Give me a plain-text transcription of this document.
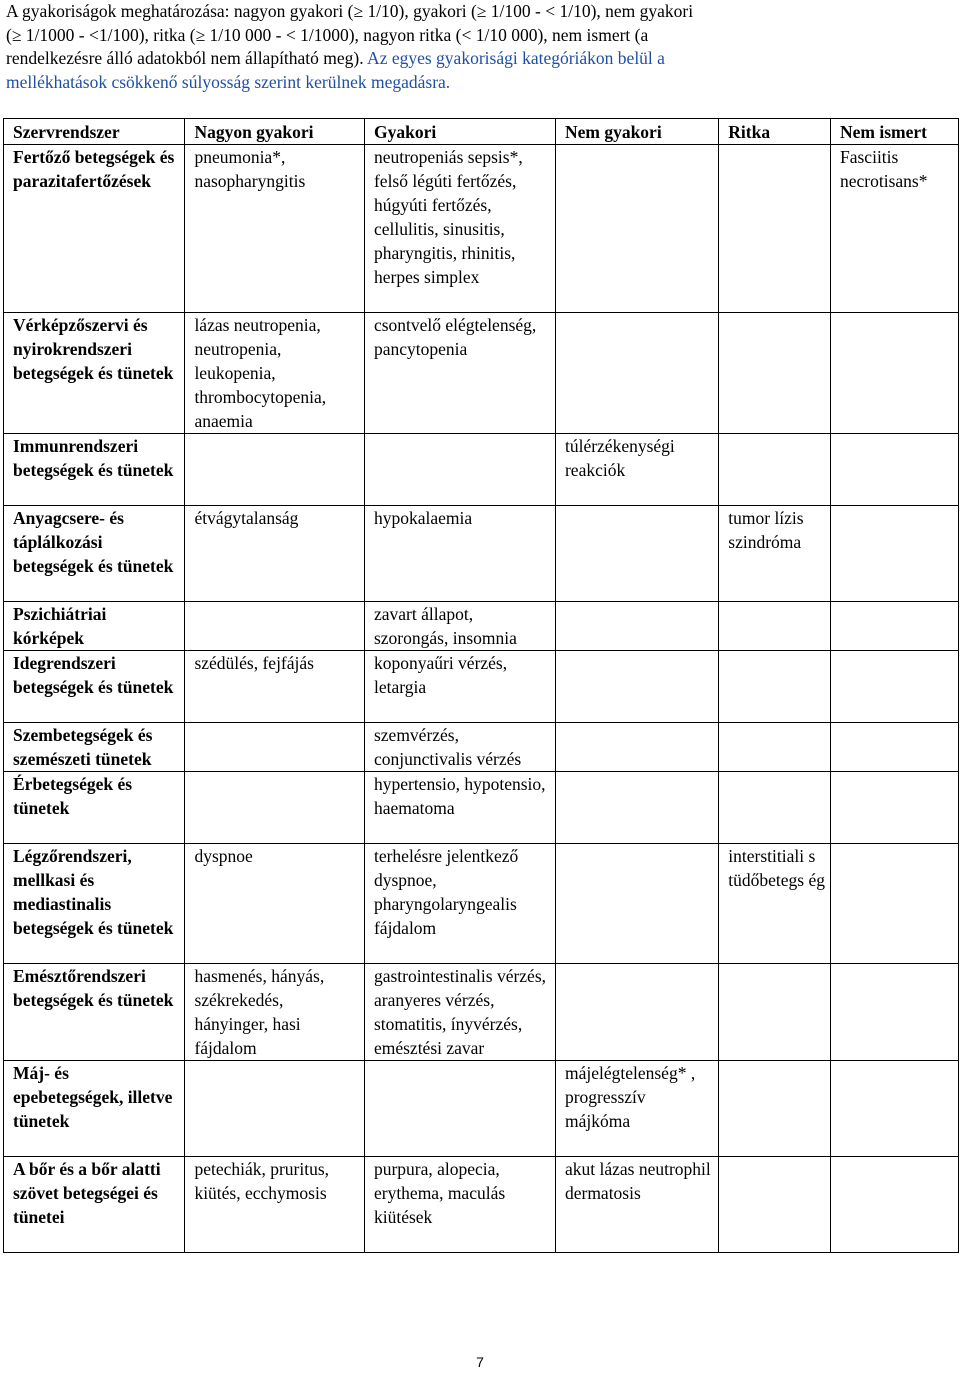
A gyakoriságok meghatározása: nagyon gyakori (≥ 1/10), gyakori (≥ 1/100 - < 1/10), nem gyakori
(≥ 1/1000 - <1/100), ritka (≥ 1/10 000 - < 1/1000), nagyon ritka (< 1/10 000), nem ismert (a
rendelkezésre álló adatokból nem állapítható meg). Az egyes gyakorisági kategóriákon belül a
mellékhatások csökkenő súlyosság szerint kerülnek megadásra.

Szervrendszer	Nagyon gyakori	Gyakori	Nem gyakori	Ritka	Nem ismert
Fertőző betegségek és parazitafertőzések	pneumonia*, nasopharyngitis	neutropeniás sepsis*, felső légúti fertőzés, húgyúti fertőzés, cellulitis, sinusitis, pharyngitis, rhinitis, herpes simplex			Fasciitis necrotisans*
Vérképzőszervi és nyirokrendszeri betegségek és tünetek	lázas neutropenia, neutropenia, leukopenia, thrombocytopenia, anaemia	csontvelő elégtelenség, pancytopenia			
Immunrendszeri betegségek és tünetek			túlérzékenységi reakciók		
Anyagcsere- és táplálkozási betegségek és tünetek	étvágytalanság	hypokalaemia		tumor lízis szindróma	
Pszichiátriai kórképek		zavart állapot, szorongás, insomnia			
Idegrendszeri betegségek és tünetek	szédülés, fejfájás	koponyaűri vérzés, letargia			
Szembetegségek és szemészeti tünetek		szemvérzés, conjunctivalis vérzés			
Érbetegségek és tünetek		hypertensio, hypotensio, haematoma			
Légzőrendszeri, mellkasi és mediastinalis betegségek és tünetek	dyspnoe	terhelésre jelentkező dyspnoe, pharyngolaryngealis fájdalom		interstitiali s tüdőbetegs ég	
Emésztőrendszeri betegségek és tünetek	hasmenés, hányás, székrekedés, hányinger, hasi fájdalom	gastrointestinalis vérzés, aranyeres vérzés, stomatitis, ínyvérzés, emésztési zavar			
Máj- és epebetegségek, illetve tünetek			májelégtelenség* , progresszív májkóma		
A bőr és a bőr alatti szövet betegségei és tünetei	petechiák, pruritus, kiütés, ecchymosis	purpura, alopecia, erythema, maculás kiütések	akut lázas neutrophil dermatosis		
7
